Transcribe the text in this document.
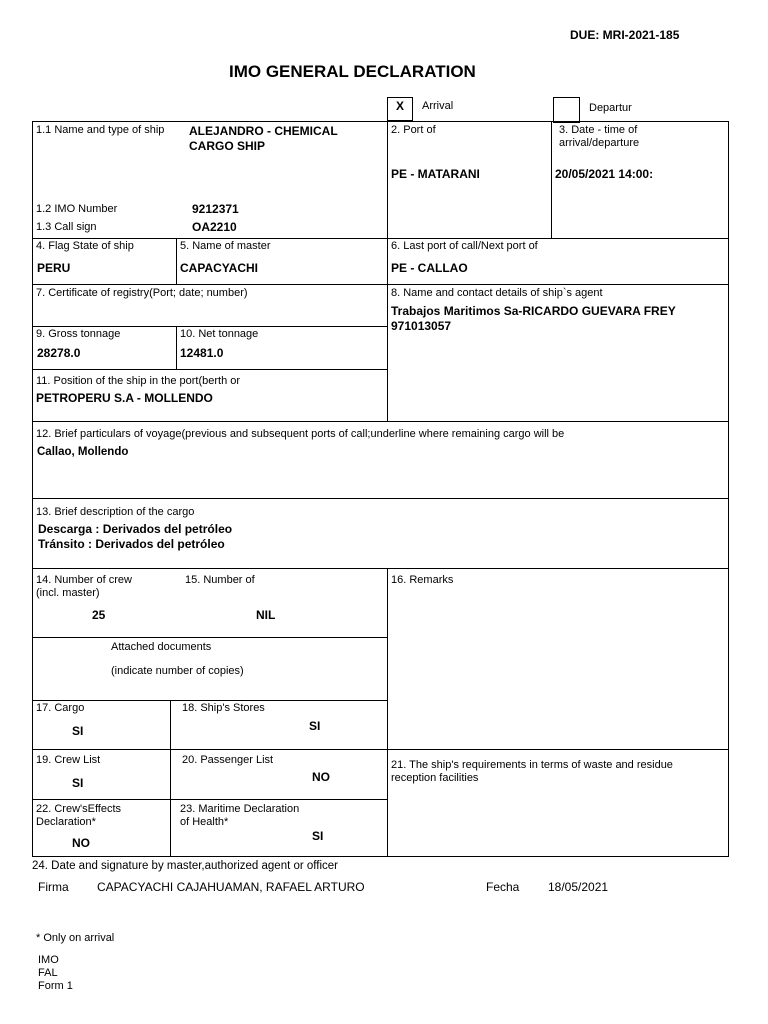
DUE: MRI-2021-185
IMO GENERAL DECLARATION
X Arrival	Departur
1.1 Name and type of ship ALEJANDRO - CHEMICAL
CARGO SHIP
2. Port of
PE - MATARANI
3. Date - time of
arrival/departure
20/05/2021 14:00:
1.2 IMO Number	9212371
1.3 Call sign	OA2210
4. Flag State of ship
PERU
5. Name of master
CAPACYACHI
6. Last port of call/Next port of
PE - CALLAO
7. Certificate of registry(Port; date; number)	8. Name and contact details of ship`s agent
Trabajos Maritimos Sa-RICARDO GUEVARA FREY
971013057
9. Gross tonnage
28278.0
10. Net tonnage
12481.0
11. Position of the ship in the port(berth or
PETROPERU S.A - MOLLENDO
12. Brief particulars of voyage(previous and subsequent ports of call;underline where remaining cargo will be
Callao, Mollendo
13. Brief description of the cargo
Descarga : Derivados del petróleo
Tránsito : Derivados del petróleo
14. Number of crew
(incl. master)
25
15. Number of
NIL
16. Remarks
Attached documents
(indicate number of copies)
17. Cargo
SI
18. Ship's Stores
SI
19. Crew List
SI
20. Passenger List
NO
21. The ship's requirements in terms of waste and residue
reception facilities
22. Crew'sEffects
Declaration*
NO
23. Maritime Declaration
of Health*
SI
24. Date and signature by master,authorized agent or officer
Firma CAPACYACHI CAJAHUAMAN, RAFAEL ARTURO	Fecha 18/05/2021
* Only on arrival
IMO
FAL
Form 1
